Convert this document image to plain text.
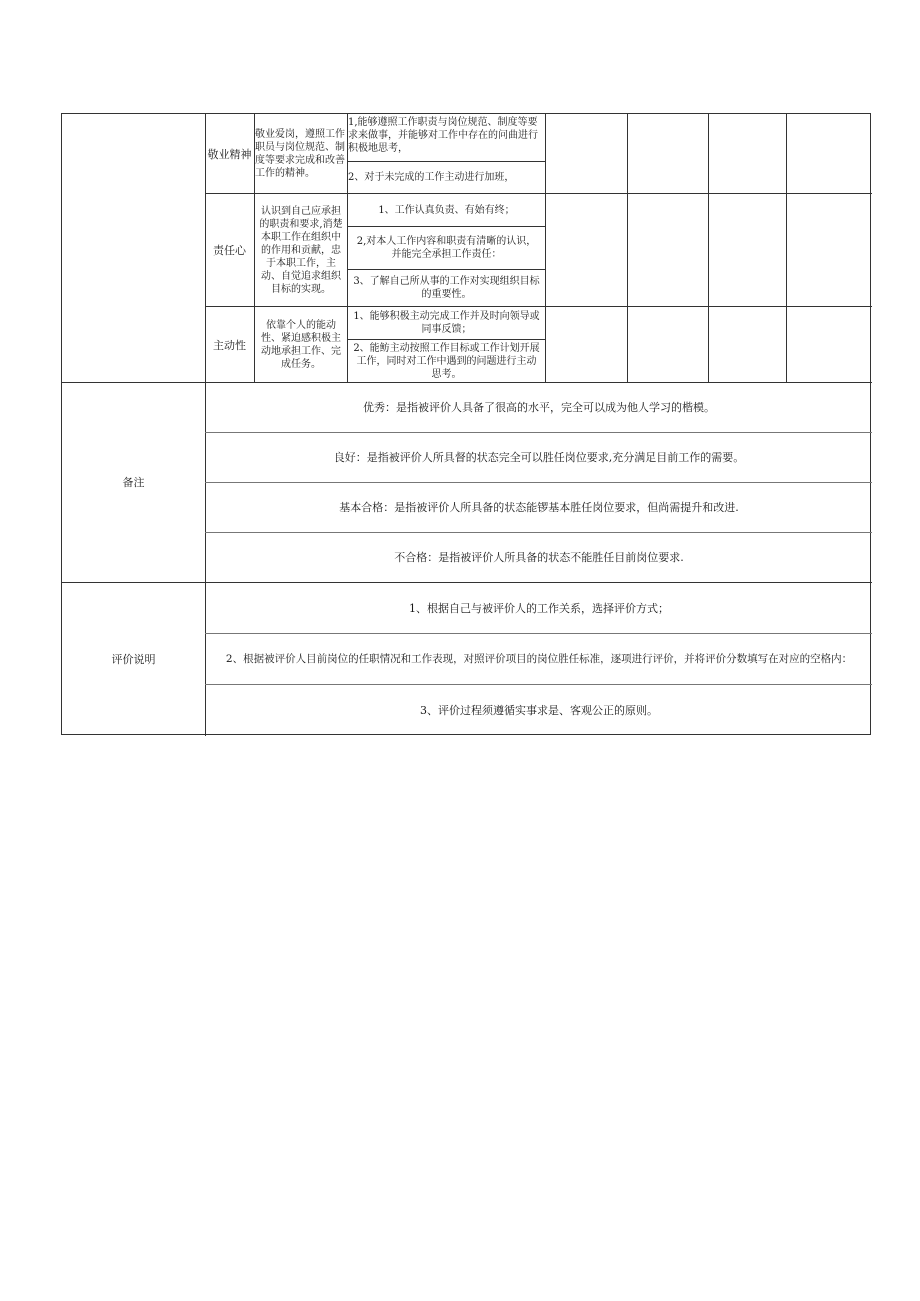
敬业精神
敬业爱岗，遵照工作职员与岗位规范、制度等要求完成和改善工作的精神。
1,能够遵照工作职责与岗位规范、制度等要求来做事，并能够对工作中存在的问曲进行积极地思考，
2、对于未完成的工作主动进行加班，
责任心
认识到自己应承担的职责和要求,消楚本职工作在组织中的作用和贡献，忠于本职工作，主动、自觉追求组织目标的实现。
1、工作认真负责、有始有终；
2,对本人工作内容和职责有清晰的认识，并能完全承担工作责任：
3、了解自己所从事的工作对实现组织目标的重要性。
主动性
依靠个人的能动性、紧迫感积极主动地承担工作、完成任务。
1、能够积极主动完成工作并及时向领导或同事反馈；
2、能鲂主动按照工作目标或工作计划开展工作，同时对工作中遇到的问题进行主动思考。
备注
优秀：是指被评价人具备了很高的水平，完全可以成为他人学习的楷模。
良好：是指被评价人所具督的状态完全可以胜任岗位要求,充分满足目前工作的需要。
基本合格：是指被评价人所具备的状态能锣基本胜任岗位要求，但尚需提升和改进.
不合格：是指被评价人所具备的状态不能胜任目前岗位要求.
评价说明
1、根据自己与被评价人的工作关系，选择评价方式；
2、根据被评价人目前岗位的任职情况和工作表现，对照评价项目的岗位胜任标准，逐项进行评价，并将评价分数填写在对应的空格内：
3、评价过程须遵循实事求是、客观公正的原则。
